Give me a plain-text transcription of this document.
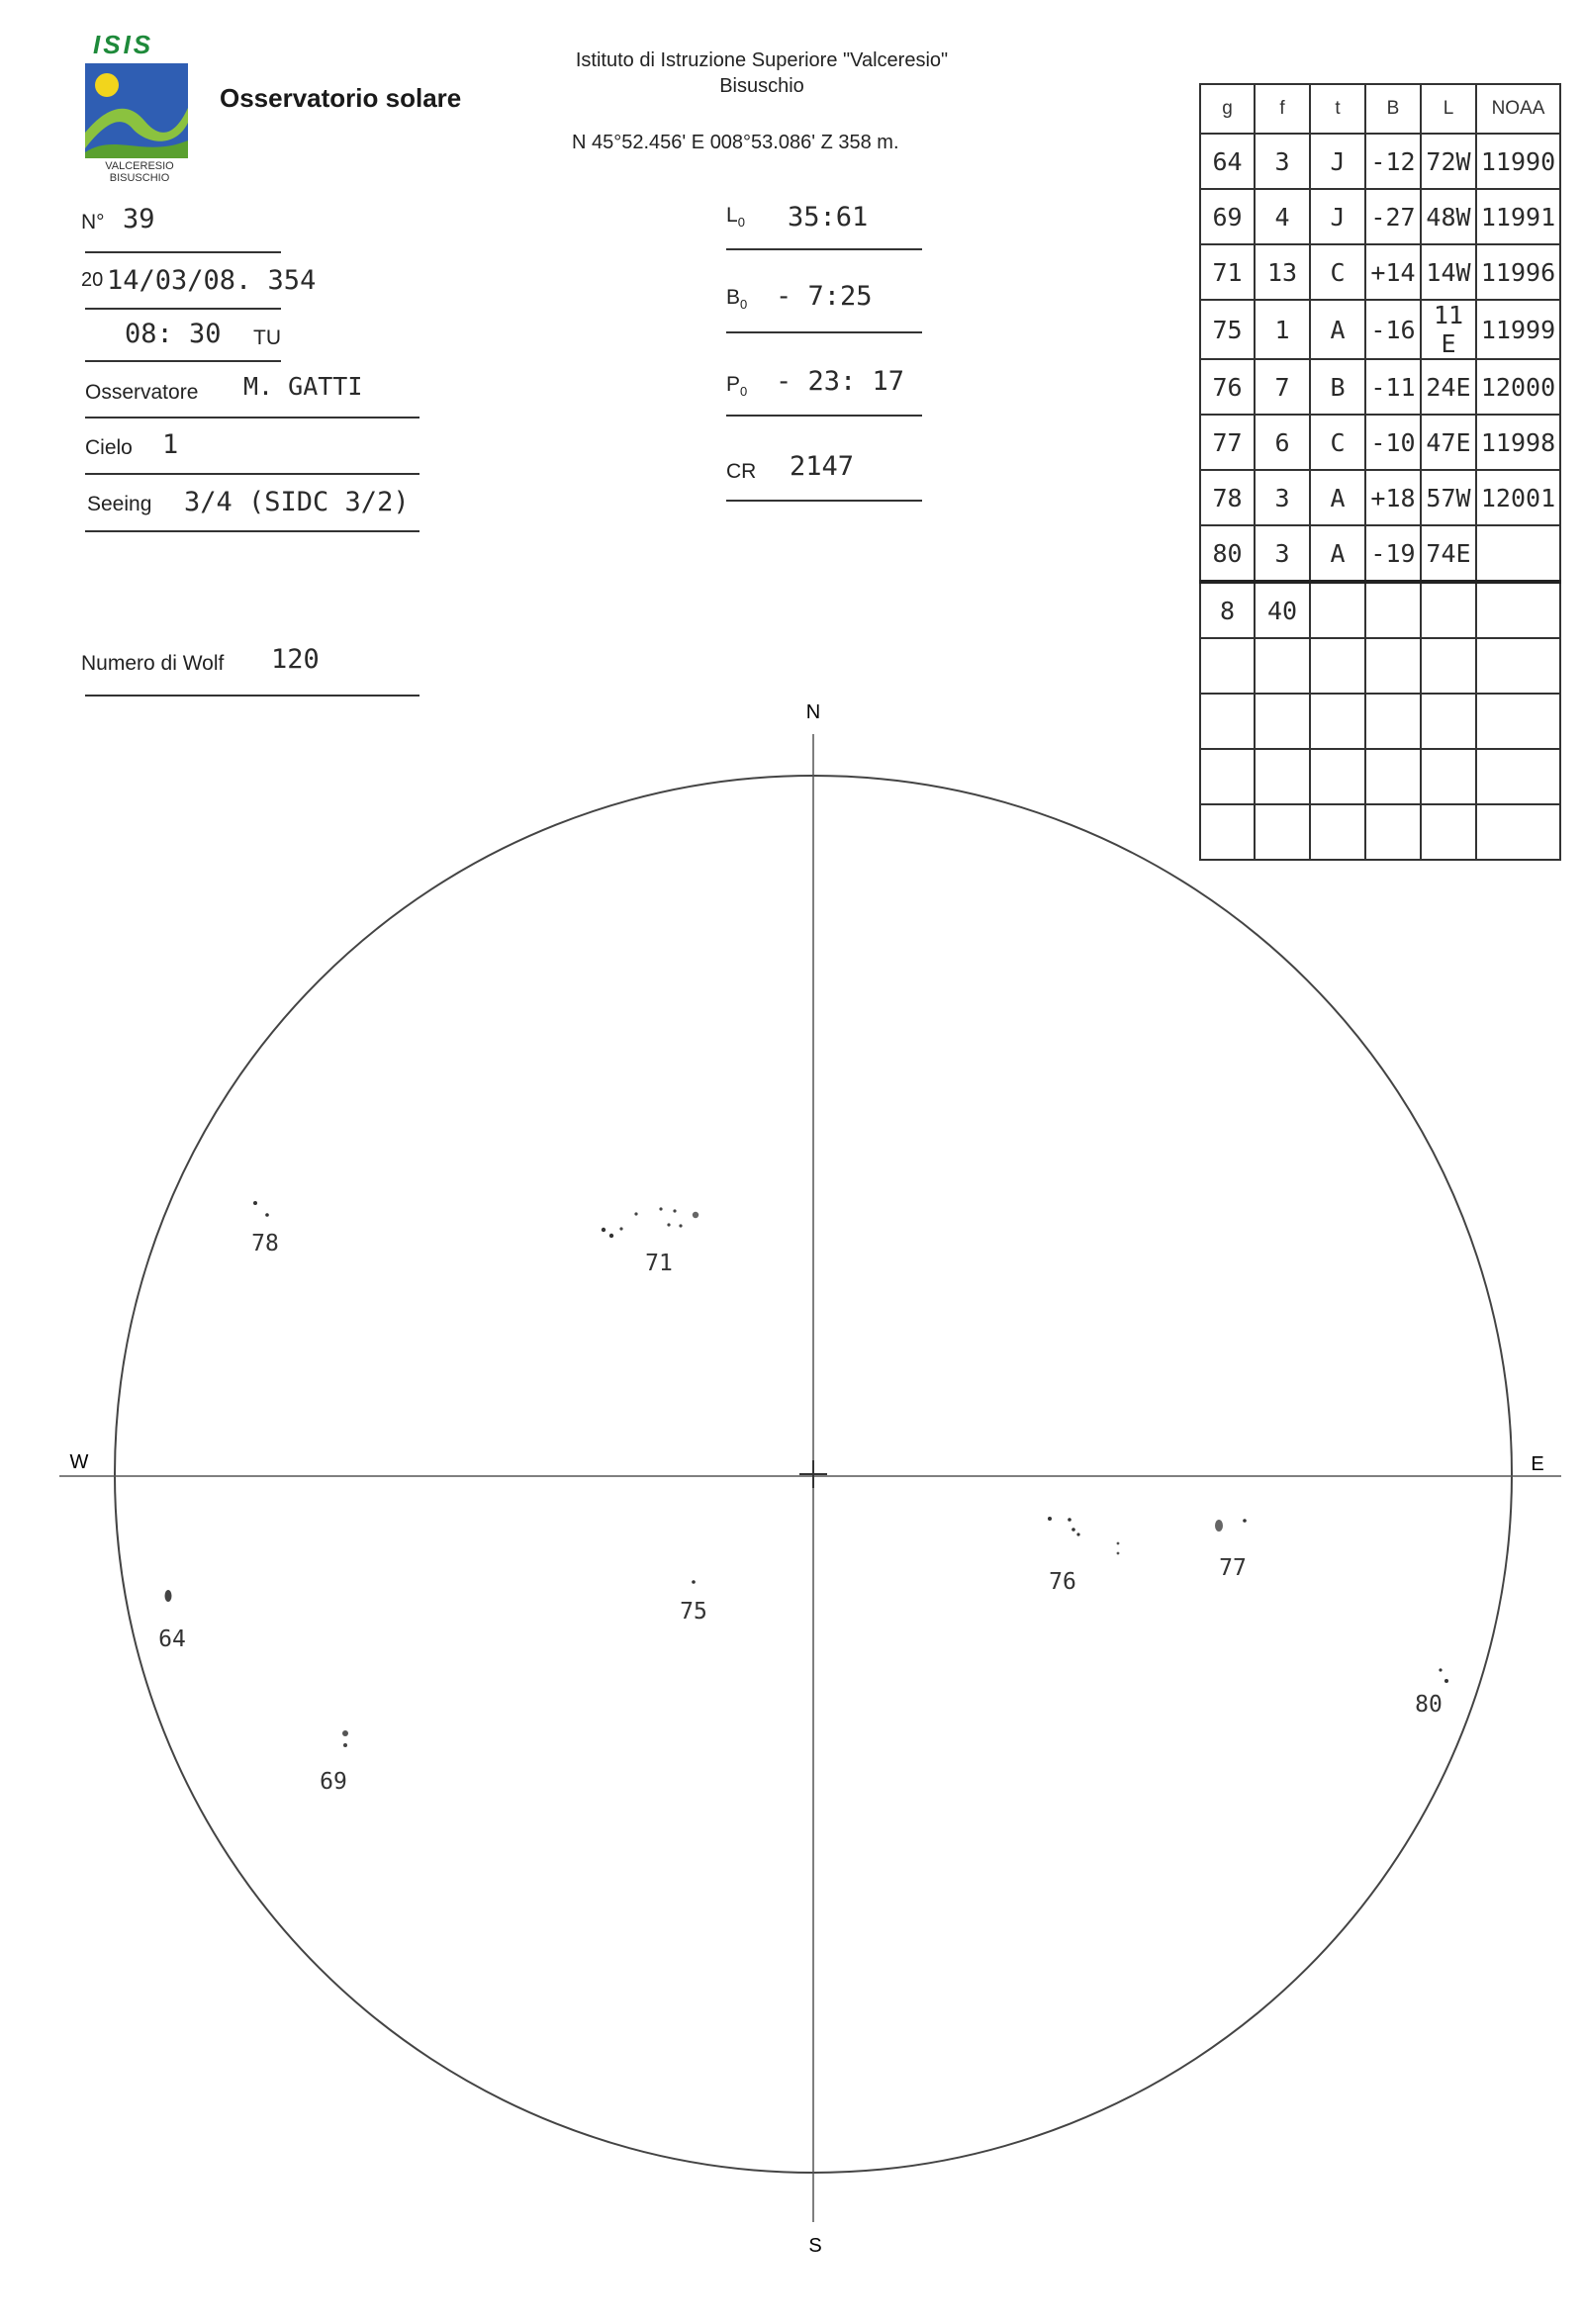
ISIS
VALCERESIO
BISUSCHIO
Osservatorio solare
Istituto di Istruzione Superiore "Valceresio"
Bisuschio
N 45°52.456' E 008°53.086' Z 358 m.
N° 39
20 14/03/08. 354
08: 30 TU
Osservatore M. GATTI
Cielo 1
Seeing 3/4 (SIDC 3/2)
Numero di Wolf 120
$L_0$ 35:61
$B_0$ - 7:25
$P_0 - 23$: 17
CR 2147
g	f	t	B	L	NOAA
64	3	J	-12	72W	11990
69	4	J	-27	48W	11991
71	13	C	+14	14W	11996
75	1	A	-16	11 E	11999
76	7	B	-11	24E	12000
77	6	C	-10	47E	11998
78	3	A	+18	57W	12001
80	3	A	-19	74E	
8	40				

N
S
E
W
78
71
64
69
75
76
77
80
